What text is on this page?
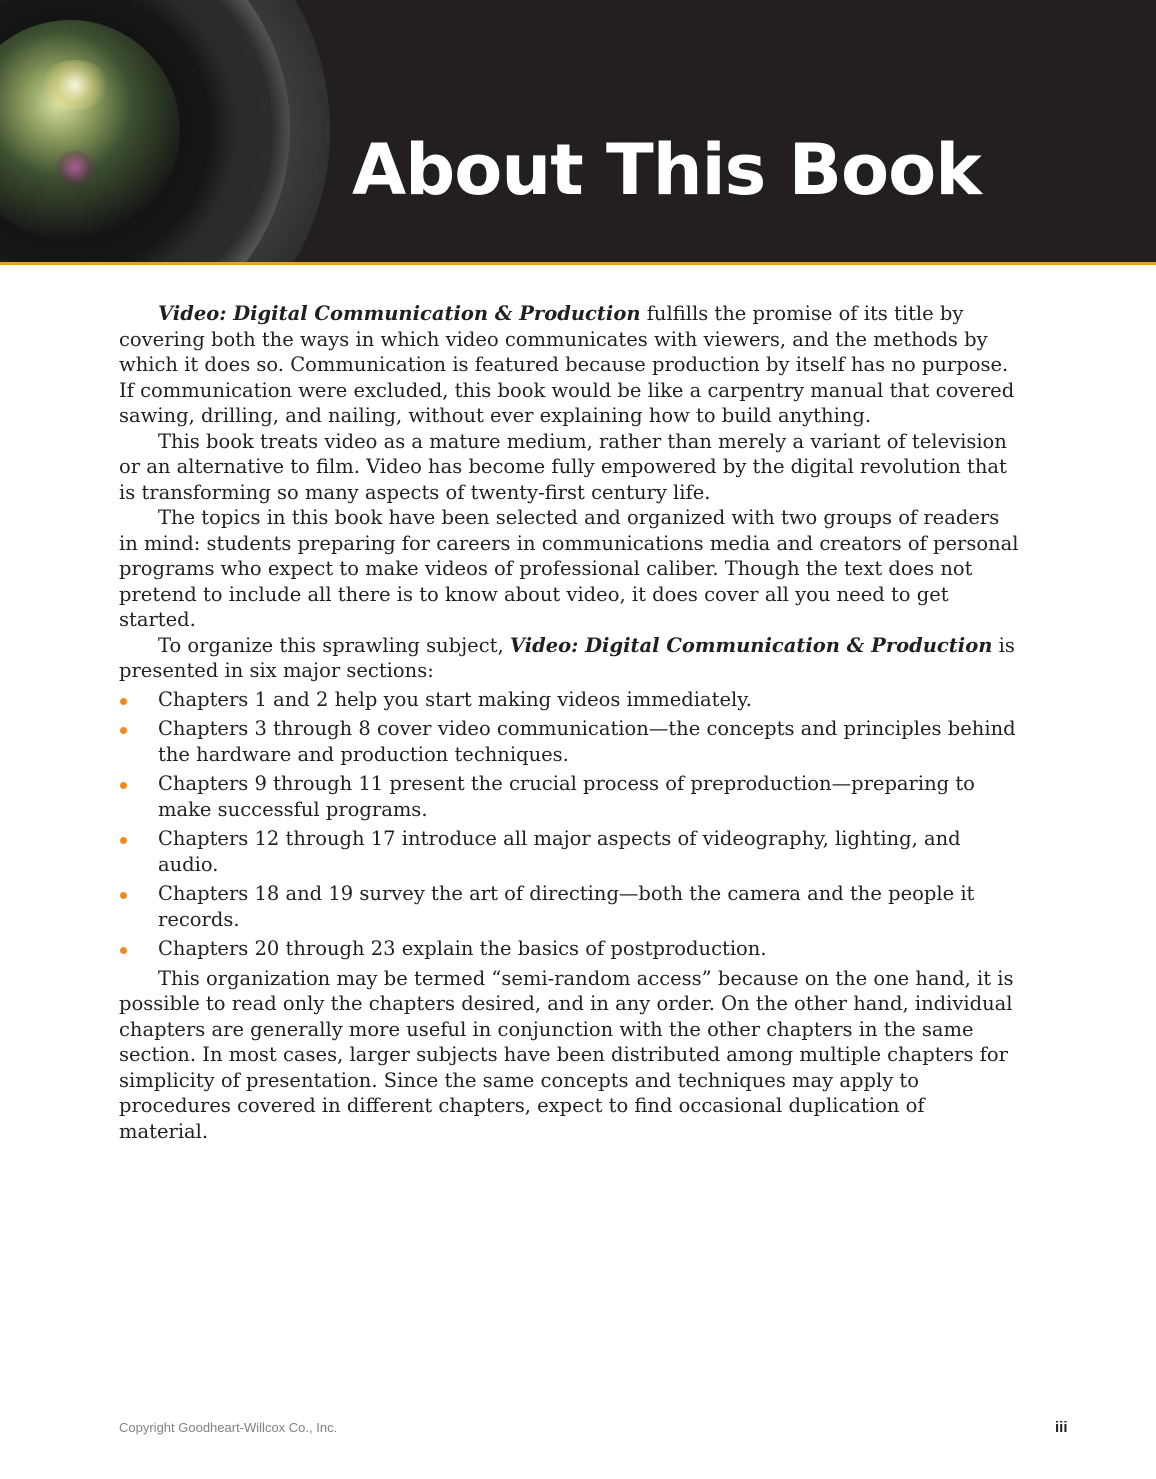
About This Book

Video: Digital Communication & Production fulfills the promise of its title by covering both the ways in which video communicates with viewers, and the methods by which it does so. Communication is featured because production by itself has no purpose. If communication were excluded, this book would be like a carpentry manual that covered sawing, drilling, and nailing, without ever explaining how to build anything.

This book treats video as a mature medium, rather than merely a variant of television or an alternative to film. Video has become fully empowered by the digital revolution that is transforming so many aspects of twenty-first century life.

The topics in this book have been selected and organized with two groups of readers in mind: students preparing for careers in communications media and creators of personal programs who expect to make videos of professional caliber. Though the text does not pretend to include all there is to know about video, it does cover all you need to get started.

To organize this sprawling subject, Video: Digital Communication & Production is presented in six major sections:

Chapters 1 and 2 help you start making videos immediately.
Chapters 3 through 8 cover video communication—the concepts and principles behind the hardware and production techniques.
Chapters 9 through 11 present the crucial process of preproduction—preparing to make successful programs.
Chapters 12 through 17 introduce all major aspects of videography, lighting, and audio.
Chapters 18 and 19 survey the art of directing—both the camera and the people it records.
Chapters 20 through 23 explain the basics of postproduction.

This organization may be termed “semi-random access” because on the one hand, it is possible to read only the chapters desired, and in any order. On the other hand, individual chapters are generally more useful in conjunction with the other chapters in the same section. In most cases, larger subjects have been distributed among multiple chapters for simplicity of presentation. Since the same concepts and techniques may apply to procedures covered in different chapters, expect to find occasional duplication of material.

Copyright Goodheart-Willcox Co., Inc.	iii
